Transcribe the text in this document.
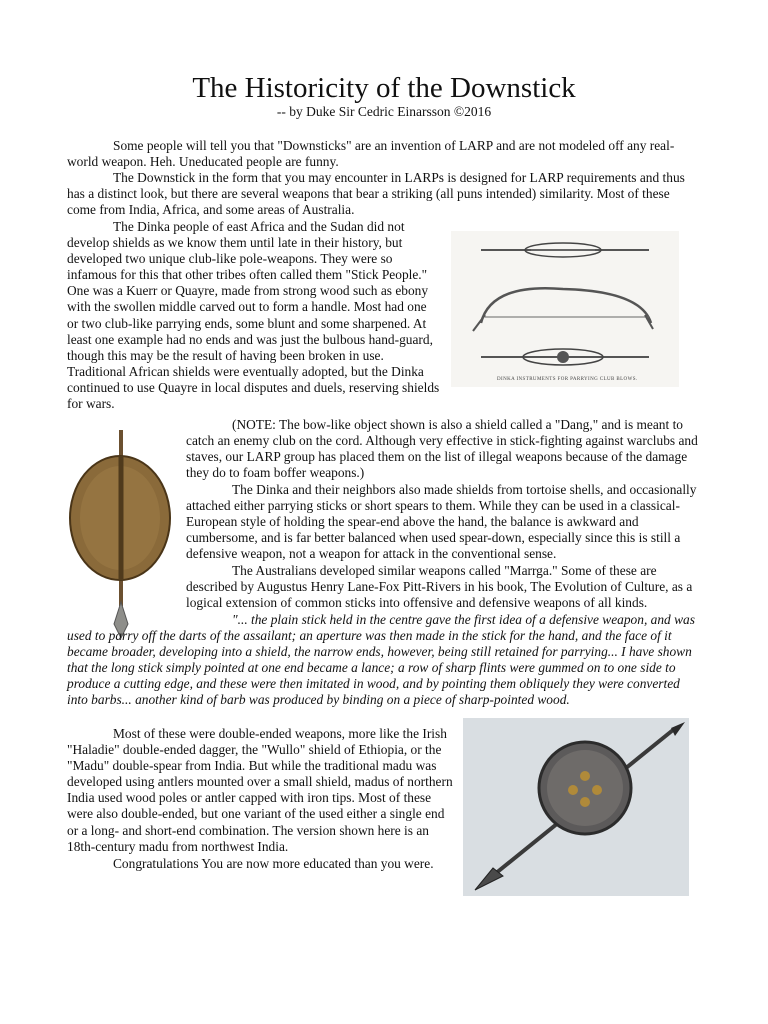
The Historicity of the Downstick
-- by Duke Sir Cedric Einarsson ©2016

Some people will tell you that "Downsticks" are an invention of LARP and are not modeled off any real-world weapon. Heh. Uneducated people are funny.

The Downstick in the form that you may encounter in LARPs is designed for LARP requirements and thus has a distinct look, but there are several weapons that bear a striking (all puns intended) similarity. Most of these come from India, Africa, and some areas of Australia.

The Dinka people of east Africa and the Sudan did not develop shields as we know them until late in their history, but developed two unique club-like pole-weapons. They were so infamous for this that other tribes often called them "Stick People." One was a Kuerr or Quayre, made from strong wood such as ebony with the swollen middle carved out to form a handle. Most had one or two club-like parrying ends, some blunt and some sharpened. At least one example had no ends and was just the bulbous hand-guard, though this may be the result of having been broken in use. Traditional African shields were eventually adopted, but the Dinka continued to use Quayre in local disputes and duels, reserving shields for wars.

DINKA INSTRUMENTS FOR PARRYING CLUB BLOWS.

(NOTE: The bow-like object shown is also a shield called a "Dang," and is meant to catch an enemy club on the cord. Although very effective in stick-fighting against warclubs and staves, our LARP group has placed them on the list of illegal weapons because of the damage they do to foam boffer weapons.)

The Dinka and their neighbors also made shields from tortoise shells, and occasionally attached either parrying sticks or short spears to them. While they can be used in a classical-European style of holding the spear-end above the hand, the balance is awkward and cumbersome, and is far better balanced when used spear-down, especially since this is still a defensive weapon, not a weapon for attack in the conventional sense.

The Australians developed similar weapons called "Marrga." Some of these are described by Augustus Henry Lane-Fox Pitt-Rivers in his book, The Evolution of Culture, as a logical extension of common sticks into offensive and defensive weapons of all kinds.

"... the plain stick held in the centre gave the first idea of a defensive weapon, and was used to parry off the darts of the assailant; an aperture was then made in the stick for the hand, and the face of it became broader, developing into a shield, the narrow ends, however, being still retained for parrying... I have shown that the long stick simply pointed at one end became a lance; a row of sharp flints were gummed on to one side to produce a cutting edge, and these were then imitated in wood, and by pointing them obliquely they were converted into barbs... another kind of barb was produced by binding on a piece of sharp-pointed wood.

Most of these were double-ended weapons, more like the Irish "Haladie" double-ended dagger, the "Wullo" shield of Ethiopia, or the "Madu" double-spear from India. But while the traditional madu was developed using antlers mounted over a small shield, madus of northern India used wood poles or antler capped with iron tips. Most of these were also double-ended, but one variant of the used either a single end or a long- and short-end combination. The version shown here is an 18th-century madu from northwest India.

Congratulations You are now more educated than you were.
